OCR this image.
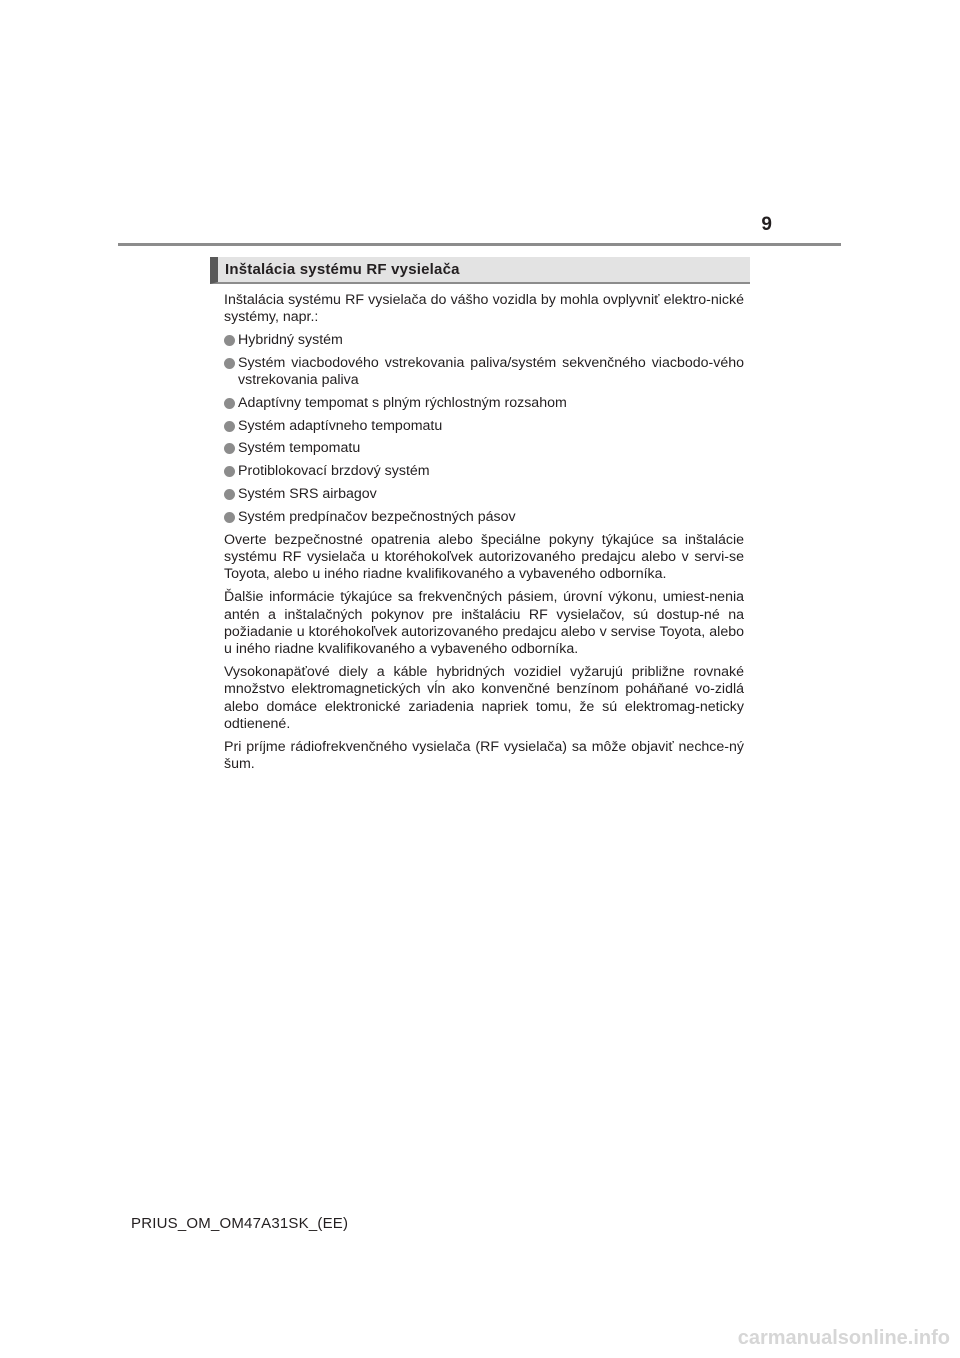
9
Inštalácia systému RF vysielača

Inštalácia systému RF vysielača do vášho vozidla by mohla ovplyvniť elektro-nické systémy, napr.:

Hybridný systém
Systém viacbodového vstrekovania paliva/systém sekvenčného viacbodo-vého vstrekovania paliva
Adaptívny tempomat s plným rýchlostným rozsahom
Systém adaptívneho tempomatu
Systém tempomatu
Protiblokovací brzdový systém
Systém SRS airbagov
Systém predpínačov bezpečnostných pásov

Overte bezpečnostné opatrenia alebo špeciálne pokyny týkajúce sa inštalácie systému RF vysielača u ktoréhokoľvek autorizovaného predajcu alebo v servi-se Toyota, alebo u iného riadne kvalifikovaného a vybaveného odborníka.

Ďalšie informácie týkajúce sa frekvenčných pásiem, úrovní výkonu, umiest-nenia antén a inštalačných pokynov pre inštaláciu RF vysielačov, sú dostup-né na požiadanie u ktoréhokoľvek autorizovaného predajcu alebo v servise Toyota, alebo u iného riadne kvalifikovaného a vybaveného odborníka.

Vysokonapäťové diely a káble hybridných vozidiel vyžarujú približne rovnaké množstvo elektromagnetických vĺn ako konvenčné benzínom poháňané vo-zidlá alebo domáce elektronické zariadenia napriek tomu, že sú elektromag-neticky odtienené.

Pri príjme rádiofrekvenčného vysielača (RF vysielača) sa môže objaviť nechce-ný šum.

PRIUS_OM_OM47A31SK_(EE)
carmanualsonline.info
